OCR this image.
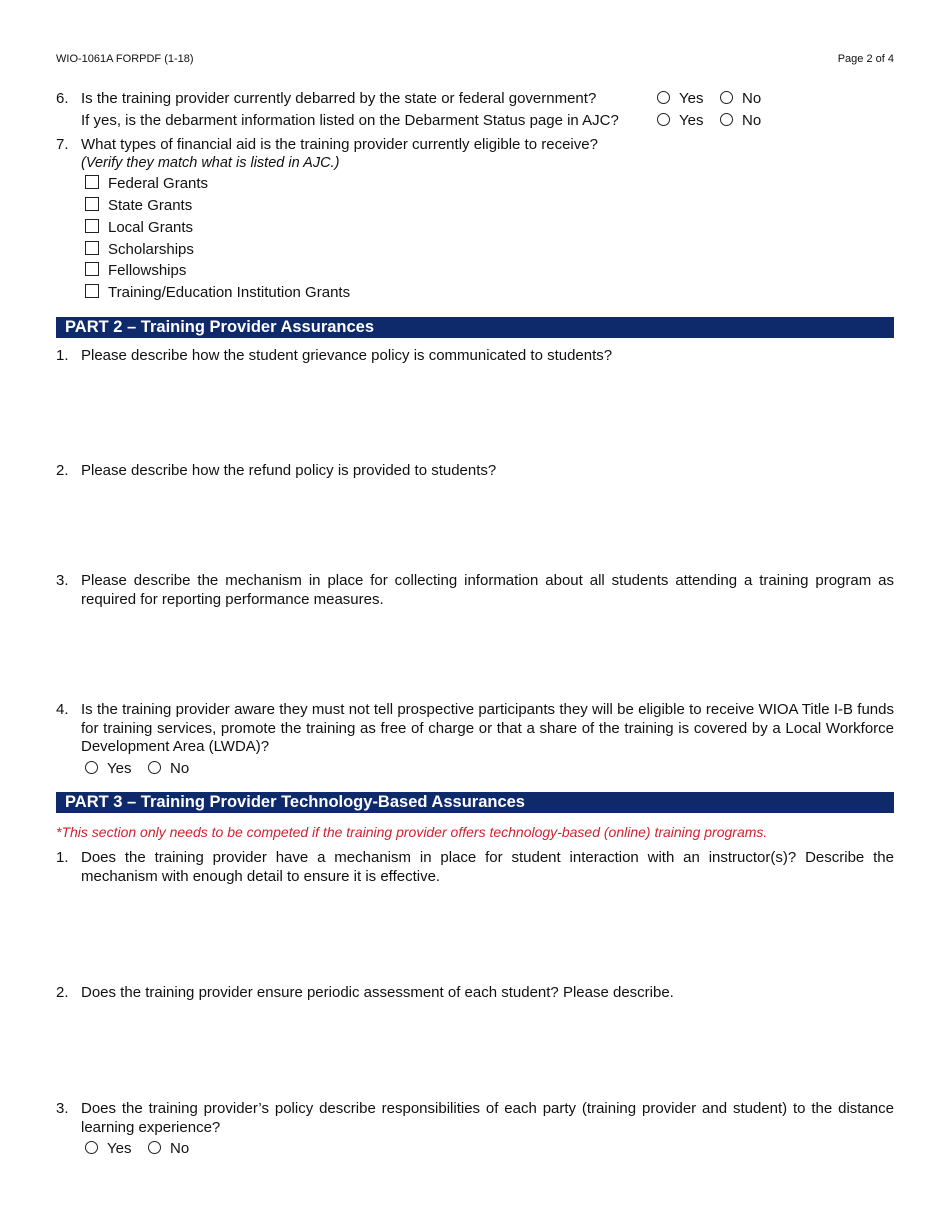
WIO-1061A FORPDF (1-18)	Page 2 of 4
6. Is the training provider currently debarred by the state or federal government?	Yes	No
If yes, is the debarment information listed on the Debarment Status page in AJC?	Yes	No
7. What types of financial aid is the training provider currently eligible to receive?
(Verify they match what is listed in AJC.)
Federal Grants
State Grants
Local Grants
Scholarships
Fellowships
Training/Education Institution Grants
PART 2 – Training Provider Assurances
1. Please describe how the student grievance policy is communicated to students?
2. Please describe how the refund policy is provided to students?
3. Please describe the mechanism in place for collecting information about all students attending a training program as required for reporting performance measures.
4. Is the training provider aware they must not tell prospective participants they will be eligible to receive WIOA Title I-B funds for training services, promote the training as free of charge or that a share of the training is covered by a Local Workforce Development Area (LWDA)?
Yes	No
PART 3 – Training Provider Technology-Based Assurances
*This section only needs to be competed if the training provider offers technology-based (online) training programs.
1. Does the training provider have a mechanism in place for student interaction with an instructor(s)? Describe the mechanism with enough detail to ensure it is effective.
2. Does the training provider ensure periodic assessment of each student? Please describe.
3. Does the training provider’s policy describe responsibilities of each party (training provider and student) to the distance learning experience?
Yes	No
